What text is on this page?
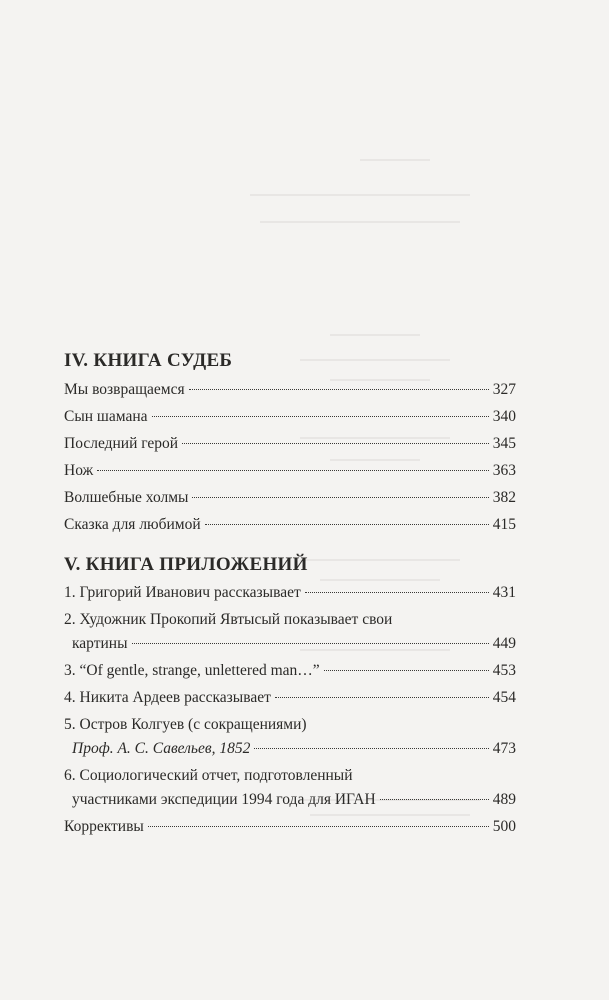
IV. КНИГА СУДЕБ
Мы возвращаемся	327
Сын шамана	340
Последний герой	345
Нож	363
Волшебные холмы	382
Сказка для любимой	415
V. КНИГА ПРИЛОЖЕНИЙ
1. Григорий Иванович рассказывает	431
2. Художник Прокопий Явтысый показывает свои
картины	449
3. “Of gentle, strange, unlettered man…”	453
4. Никита Ардеев рассказывает	454
5. Остров Колгуев (с сокращениями)
Проф. А. С. Савельев, 1852	473
6. Социологический отчет, подготовленный
участниками экспедиции 1994 года для ИГАН	489
Коррективы	500
